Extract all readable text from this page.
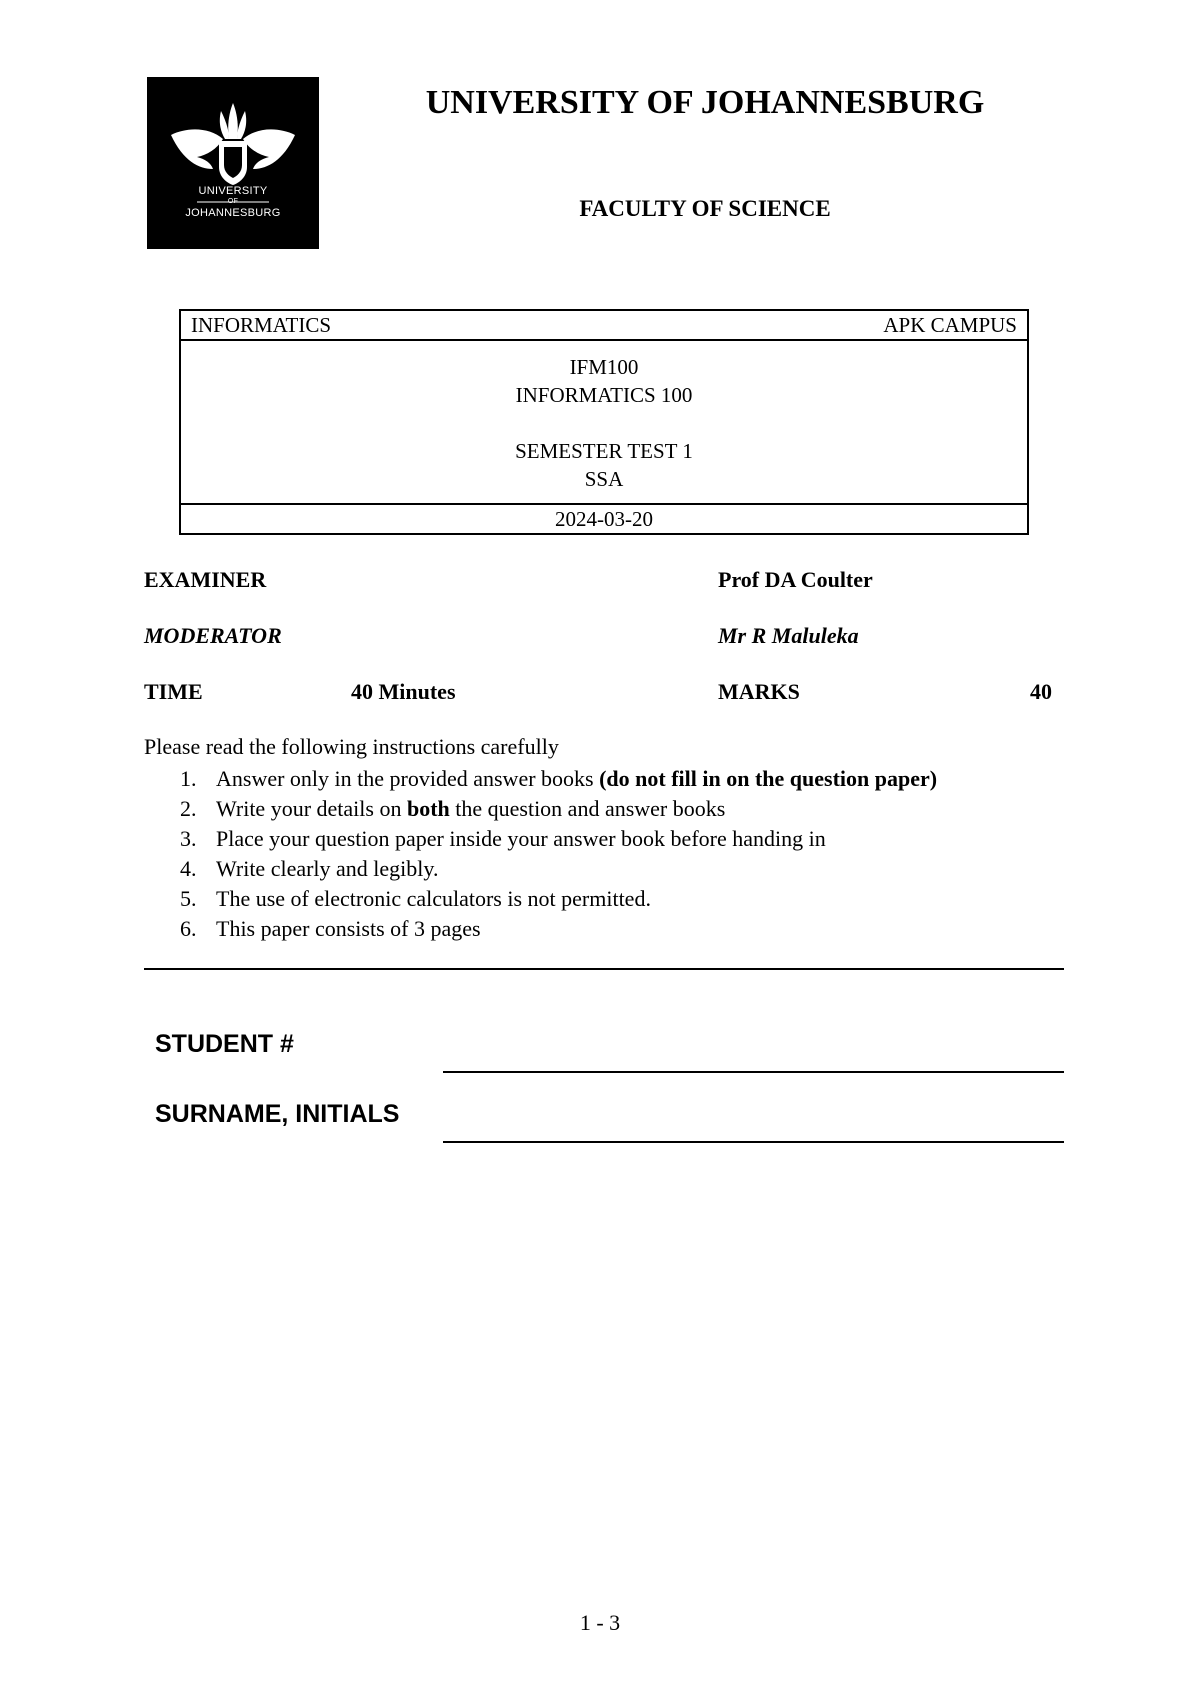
UNIVERSITY
OF
JOHANNESBURG
UNIVERSITY OF JOHANNESBURG
FACULTY OF SCIENCE
INFORMATICS	APK CAMPUS
IFM100
INFORMATICS 100
SEMESTER TEST 1
SSA
2024-03-20
EXAMINER	Prof DA Coulter
MODERATOR	Mr R Maluleka
TIME	40 Minutes	MARKS	40
Please read the following instructions carefully
1. Answer only in the provided answer books (do not fill in on the question paper)
2. Write your details on both the question and answer books
3. Place your question paper inside your answer book before handing in
4. Write clearly and legibly.
5. The use of electronic calculators is not permitted.
6. This paper consists of 3 pages
STUDENT #
SURNAME, INITIALS
1 - 3
